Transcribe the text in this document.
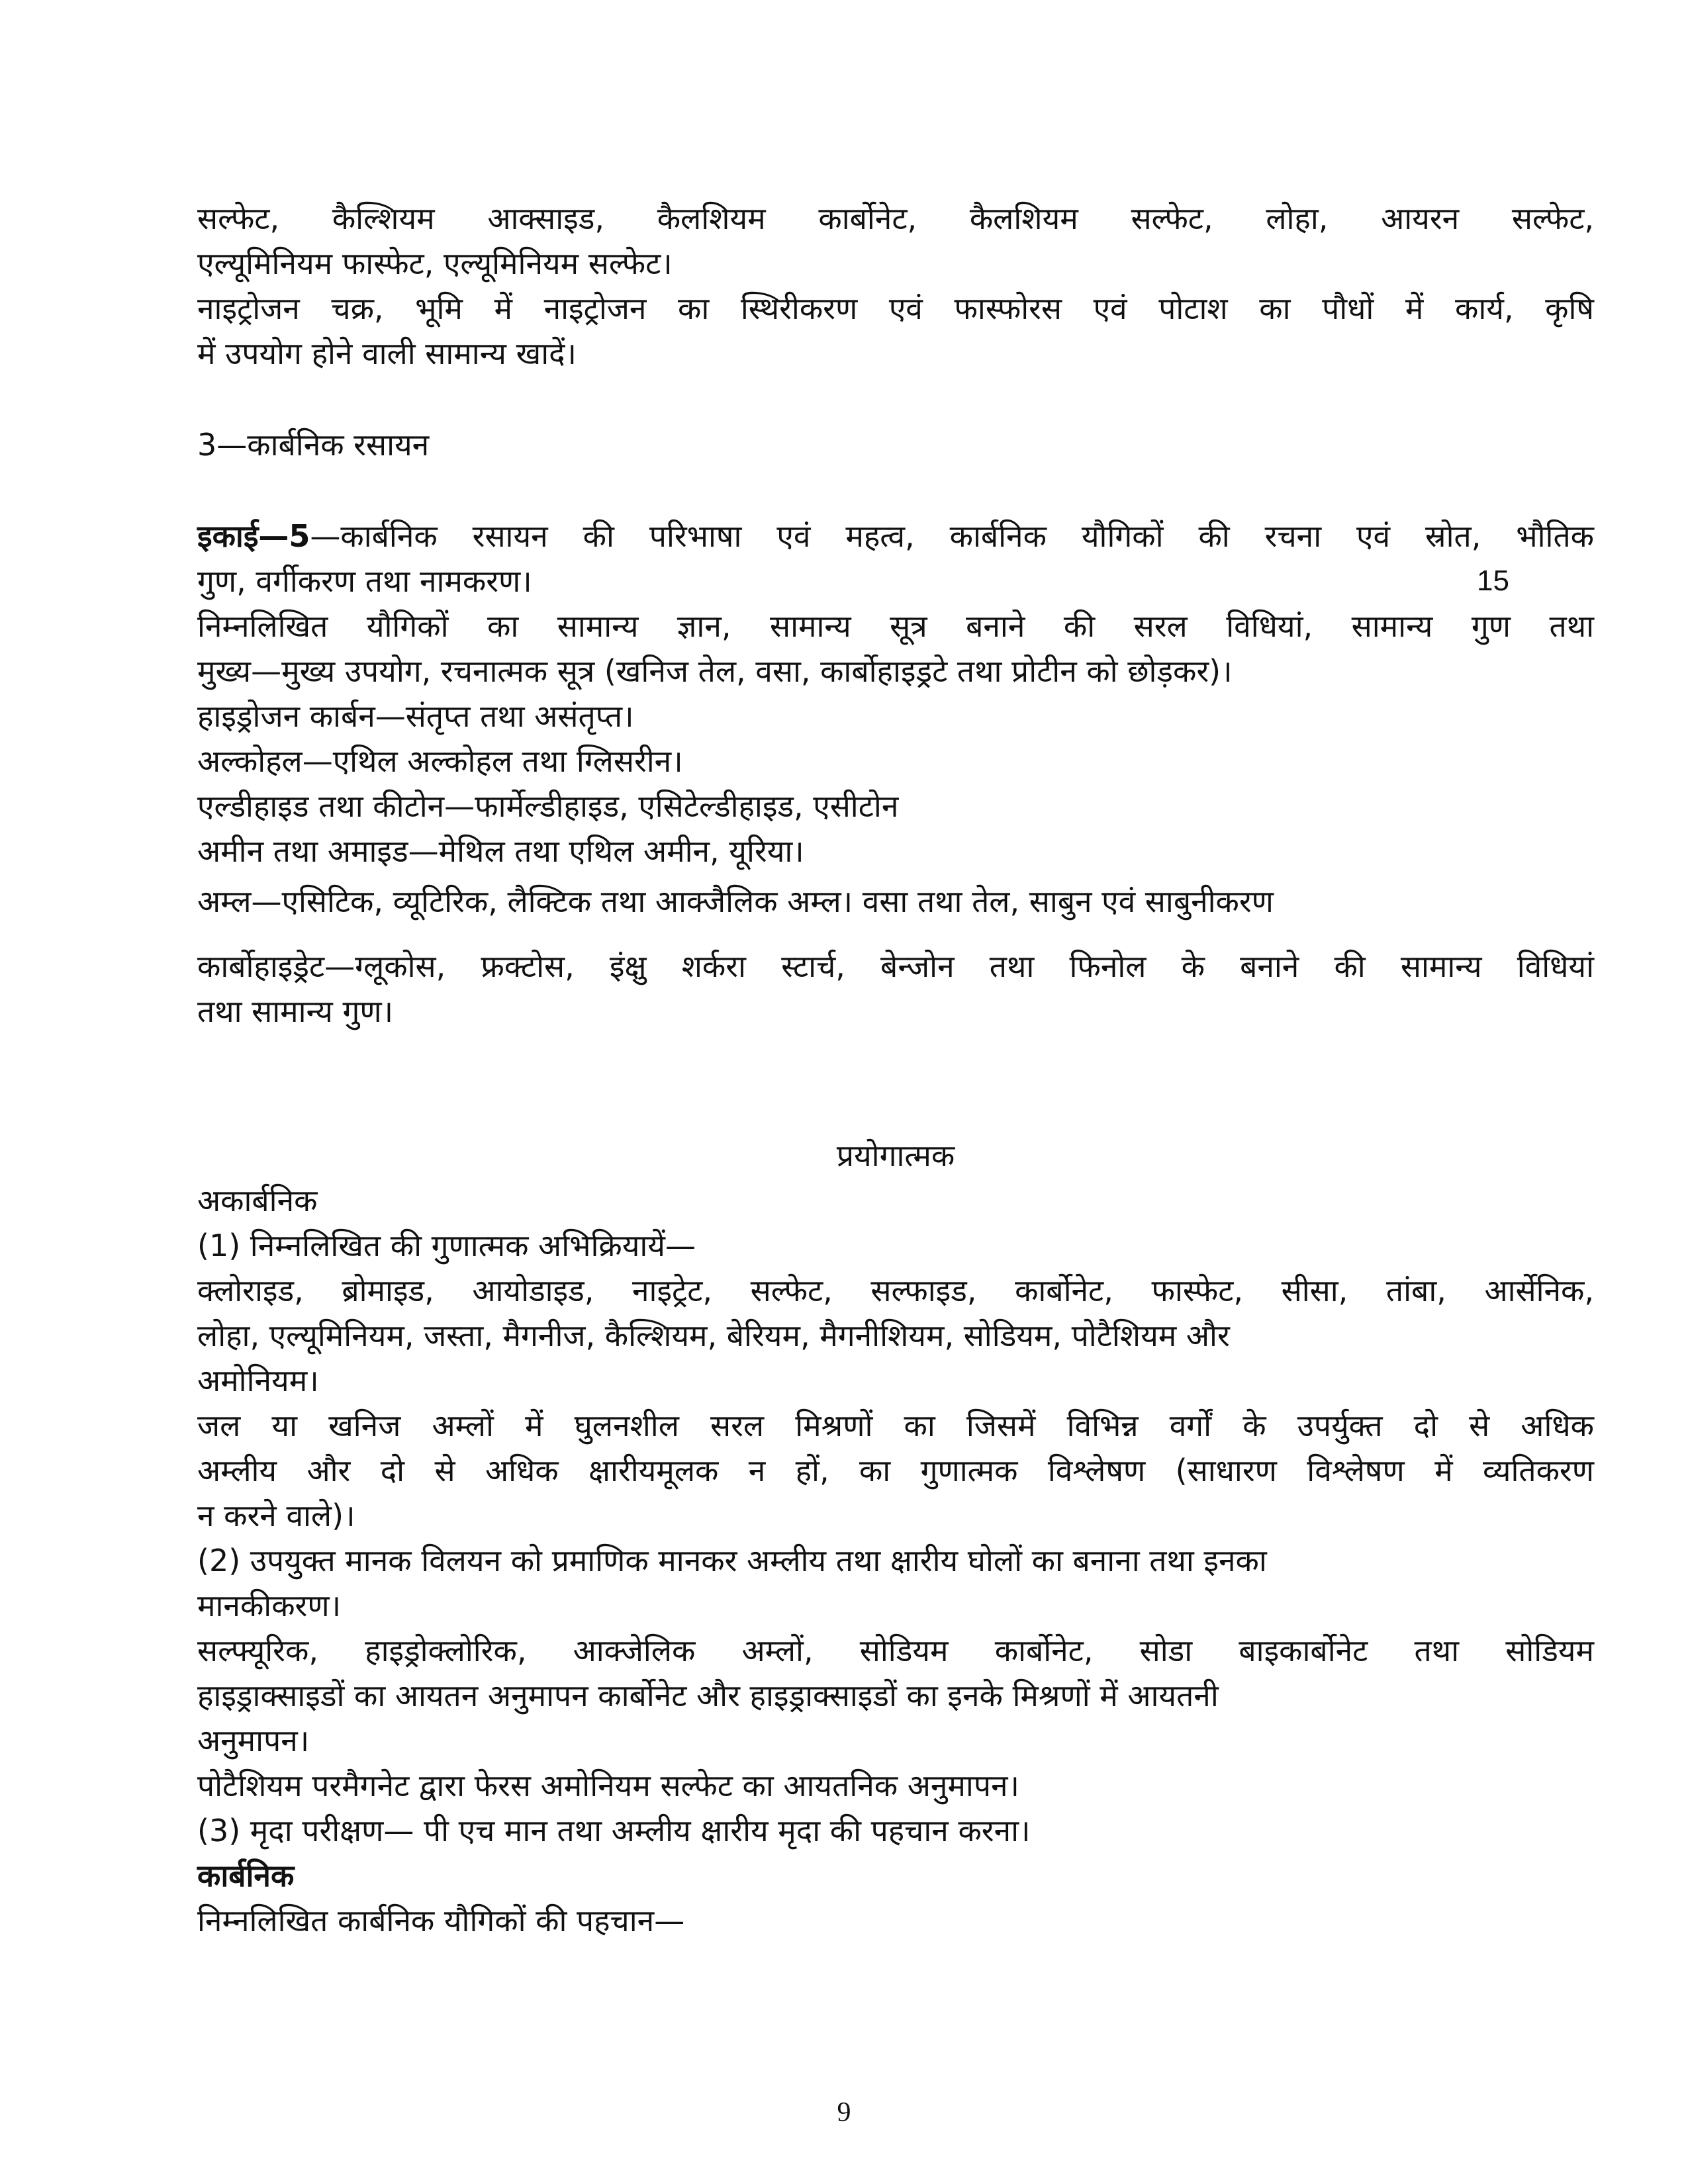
सल्फेट, कैल्शियम आक्साइड, कैलशियम कार्बोनेट, कैलशियम सल्फेट, लोहा, आयरन सल्फेट,

एल्यूमिनियम फास्फेट, एल्यूमिनियम सल्फेट।

नाइट्रोजन चक्र, भूमि में नाइट्रोजन का स्थिरीकरण एवं फास्फोरस एवं पोटाश का पौधों में कार्य, कृषि

में उपयोग होने वाली सामान्य खादें।

3—कार्बनिक रसायन

इकाई—5—कार्बनिक रसायन की परिभाषा एवं महत्व, कार्बनिक यौगिकों की रचना एवं स्रोत, भौतिक

गुण, वर्गीकरण तथा नामकरण।	15

निम्नलिखित यौगिकों का सामान्य ज्ञान, सामान्य सूत्र बनाने की सरल विधियां, सामान्य गुण तथा

मुख्य—मुख्य उपयोग, रचनात्मक सूत्र (खनिज तेल, वसा, कार्बोहाइड्रटे तथा प्रोटीन को छोड़कर)।

हाइड्रोजन कार्बन—संतृप्त तथा असंतृप्त।

अल्कोहल—एथिल अल्कोहल तथा ग्लिसरीन।

एल्डीहाइड तथा कीटोन—फार्मेल्डीहाइड, एसिटेल्डीहाइड, एसीटोन

अमीन तथा अमाइड—मेथिल तथा एथिल अमीन, यूरिया।

अम्ल—एसिटिक, व्यूटिरिक, लैक्टिक तथा आक्जैलिक अम्ल। वसा तथा तेल, साबुन एवं साबुनीकरण

कार्बोहाइड्रेट—ग्लूकोस, फ्रक्टोस, इंक्षु शर्करा स्टार्च, बेन्जोन तथा फिनोल के बनाने की सामान्य विधियां

तथा सामान्य गुण।

प्रयोगात्मक

अकार्बनिक

(1) निम्नलिखित की गुणात्मक अभिक्रियायें—

क्लोराइड, ब्रोमाइड, आयोडाइड, नाइट्रेट, सल्फेट, सल्फाइड, कार्बोनेट, फास्फेट, सीसा, तांबा, आर्सेनिक,

लोहा, एल्यूमिनियम, जस्ता, मैगनीज, कैल्शियम, बेरियम, मैगनीशियम, सोडियम, पोटैशियम और

अमोनियम।

जल या खनिज अम्लों में घुलनशील सरल मिश्रणों का जिसमें विभिन्न वर्गों के उपर्युक्त दो से अधिक

अम्लीय और दो से अधिक क्षारीयमूलक न हों, का गुणात्मक विश्लेषण (साधारण विश्लेषण में व्यतिकरण

न करने वाले)।

(2) उपयुक्त मानक विलयन को प्रमाणिक मानकर अम्लीय तथा क्षारीय घोलों का बनाना तथा इनका

मानकीकरण।

सल्फ्यूरिक, हाइड्रोक्लोरिक, आक्जेलिक अम्लों, सोडियम कार्बोनेट, सोडा बाइकार्बोनेट तथा सोडियम

हाइड्राक्साइडों का आयतन अनुमापन कार्बोनेट और हाइड्राक्साइडों का इनके मिश्रणों में आयतनी

अनुमापन।

पोटैशियम परमैगनेट द्वारा फेरस अमोनियम सल्फेट का आयतनिक अनुमापन।

(3) मृदा परीक्षण— पी एच मान तथा अम्लीय क्षारीय मृदा की पहचान करना।

कार्बनिक

निम्नलिखित कार्बनिक यौगिकों की पहचान—

9
